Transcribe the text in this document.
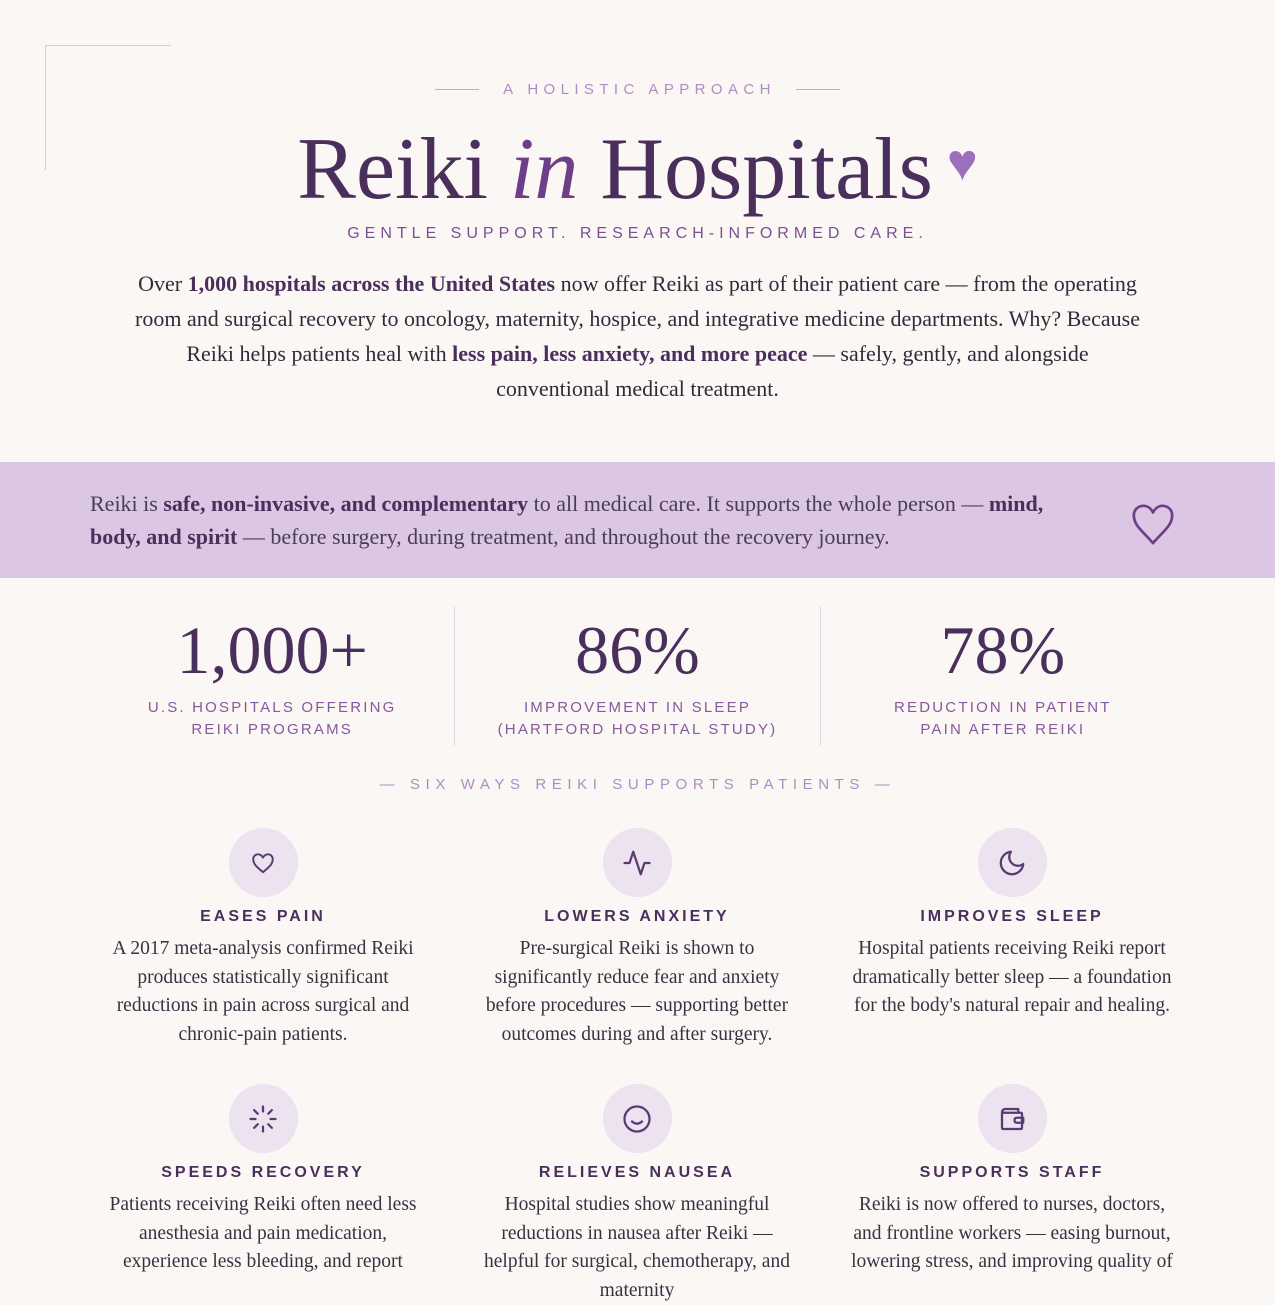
A HOLISTIC APPROACH
Reiki in Hospitals ♥
GENTLE SUPPORT. RESEARCH-INFORMED CARE.

Over 1,000 hospitals across the United States now offer Reiki as part of their patient care — from the operating room and surgical recovery to oncology, maternity, hospice, and integrative medicine departments. Why? Because Reiki helps patients heal with less pain, less anxiety, and more peace — safely, gently, and alongside conventional medical treatment.

Reiki is safe, non-invasive, and complementary to all medical care. It supports the whole person — mind, body, and spirit — before surgery, during treatment, and throughout the recovery journey.

1,000+
U.S. HOSPITALS OFFERING
REIKI PROGRAMS
86%
IMPROVEMENT IN SLEEP
(HARTFORD HOSPITAL STUDY)
78%
REDUCTION IN PATIENT
PAIN AFTER REIKI
— SIX WAYS REIKI SUPPORTS PATIENTS —
EASES PAIN
A 2017 meta-analysis confirmed Reiki produces statistically significant reductions in pain across surgical and chronic-pain patients.
LOWERS ANXIETY
Pre-surgical Reiki is shown to significantly reduce fear and anxiety before procedures — supporting better outcomes during and after surgery.
IMPROVES SLEEP
Hospital patients receiving Reiki report dramatically better sleep — a foundation for the body's natural repair and healing.
SPEEDS RECOVERY
Patients receiving Reiki often need less anesthesia and pain medication, experience less bleeding, and report
RELIEVES NAUSEA
Hospital studies show meaningful reductions in nausea after Reiki — helpful for surgical, chemotherapy, and maternity
SUPPORTS STAFF
Reiki is now offered to nurses, doctors, and frontline workers — easing burnout, lowering stress, and improving quality of
